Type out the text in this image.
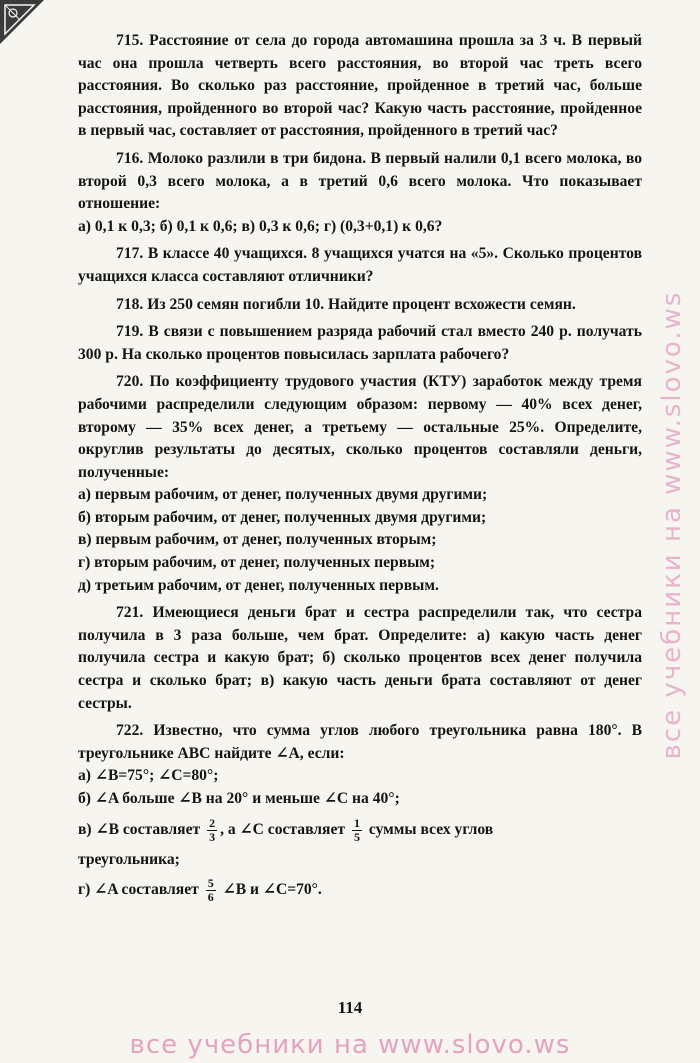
715. Расстояние от села до города автомашина прошла за 3 ч. В первый час она прошла четверть всего расстояния, во второй час треть всего расстояния. Во сколько раз расстояние, пройденное в третий час, больше расстояния, пройденного во второй час? Какую часть расстояние, пройденное в первый час, составляет от расстояния, пройденного в третий час?

716. Молоко разлили в три бидона. В первый налили 0,1 всего молока, во второй 0,3 всего молока, а в третий 0,6 всего молока. Что показывает отношение:

а) 0,1 к 0,3; б) 0,1 к 0,6; в) 0,3 к 0,6; г) (0,3+0,1) к 0,6?

717. В классе 40 учащихся. 8 учащихся учатся на «5». Сколько процентов учащихся класса составляют отличники?

718. Из 250 семян погибли 10. Найдите процент всхожести семян.

719. В связи с повышением разряда рабочий стал вместо 240 р. получать 300 р. На сколько процентов повысилась зарплата рабочего?

720. По коэффициенту трудового участия (КТУ) заработок между тремя рабочими распределили следующим образом: первому — 40% всех денег, второму — 35% всех денег, а третьему — остальные 25%. Определите, округлив результаты до десятых, сколько процентов составляли деньги, полученные:

а) первым рабочим, от денег, полученных двумя другими;

б) вторым рабочим, от денег, полученных двумя другими;

в) первым рабочим, от денег, полученных вторым;

г) вторым рабочим, от денег, полученных первым;

д) третьим рабочим, от денег, полученных первым.

721. Имеющиеся деньги брат и сестра распределили так, что сестра получила в 3 раза больше, чем брат. Определите: а) какую часть денег получила сестра и какую брат; б) сколько процентов всех денег получила сестра и сколько брат; в) какую часть деньги брата составляют от денег сестры.

722. Известно, что сумма углов любого треугольника равна 180°. В треугольнике ABC найдите ∠A, если:

а) ∠B=75°; ∠C=80°;

б) ∠A больше ∠B на 20° и меньше ∠C на 40°;

в) ∠B составляет $\frac{2}{3}$ , а ∠C составляет $\frac{1}{5}$ суммы всех углов

треугольника;

г) ∠A составляет $\frac{5}{6}$ ∠B и ∠C=70°.

114
все учебники на www.slovo.ws
все учебники на www.slovo.ws
